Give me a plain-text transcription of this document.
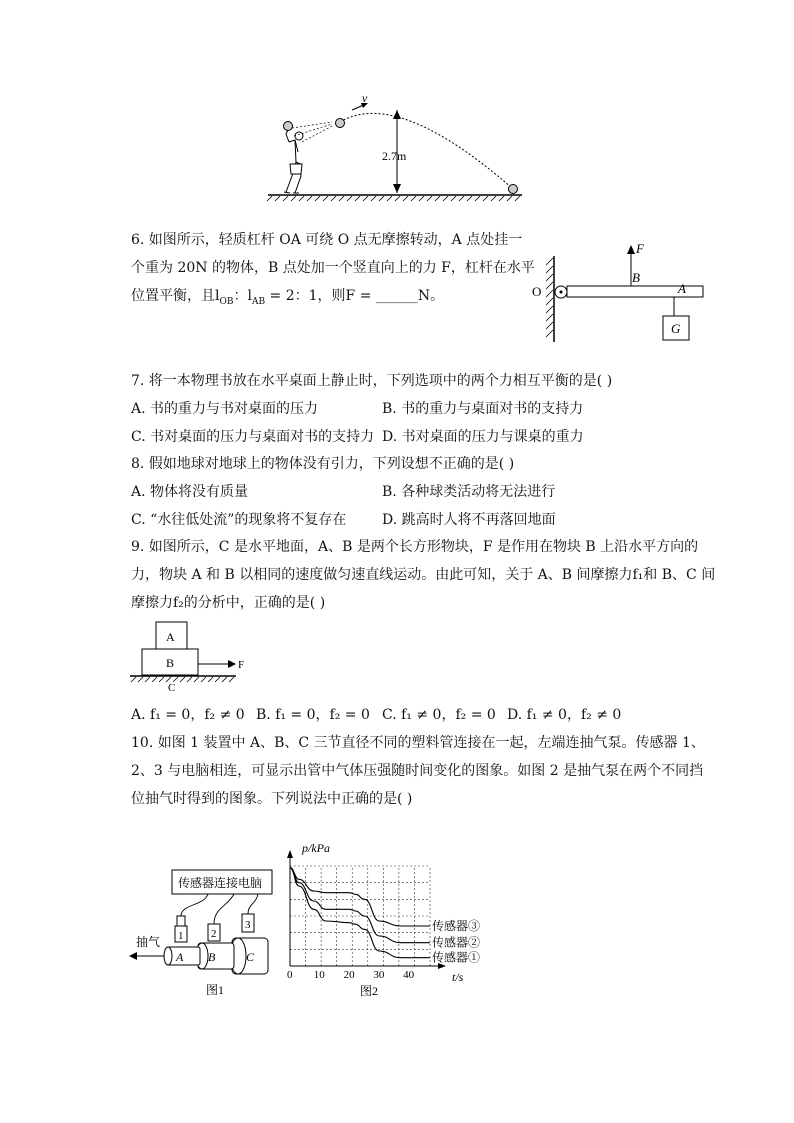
v
2.7m
6. 如图所示，轻质杠杆 OA 可绕 O 点无摩擦转动，A 点处挂一
个重为 20N 的物体，B 点处加一个竖直向上的力 F，杠杆在水平
位置平衡，且$l_{OB}$：$l_{AB} = 2$：1，则F = ______N。	O
F
B
A
G
7. 将一本物理书放在水平桌面上静止时，下列选项中的两个力相互平衡的是( )
A. 书的重力与书对桌面的压力	B. 书的重力与桌面对书的支持力
C. 书对桌面的压力与桌面对书的支持力 D. 书对桌面的压力与课桌的重力
8. 假如地球对地球上的物体没有引力，下列设想不正确的是( )
A. 物体将没有质量	B. 各种球类活动将无法进行
C. “水往低处流”的现象将不复存在	D. 跳高时人将不再落回地面
9. 如图所示，C 是水平地面，A、B 是两个长方形物块，F 是作用在物块 B 上沿水平方向的
力，物块 A 和 B 以相同的速度做匀速直线运动。由此可知，关于 A、B 间摩擦力f₁和 B、C 间
摩擦力f₂的分析中，正确的是( )
A
B	F
C
A. f₁ = 0，f₂ ≠ 0 B. f₁ = 0，f₂ = 0 C. f₁ ≠ 0，f₂ = 0 D. f₁ ≠ 0，f₂ ≠ 0
10. 如图 1 装置中 A、B、C 三节直径不同的塑料管连接在一起，左端连抽气泵。传感器 1、
2、3 与电脑相连，可显示出管中气体压强随时间变化的图象。如图 2 是抽气泵在两个不同挡
位抽气时得到的图象。下列说法中正确的是( )
传感器连接电脑
1	2
3
C
B
A
抽气
图1
0 10 20 30 40
传感器③
传感器②
传感器①
p/kPa
t/s
图2
